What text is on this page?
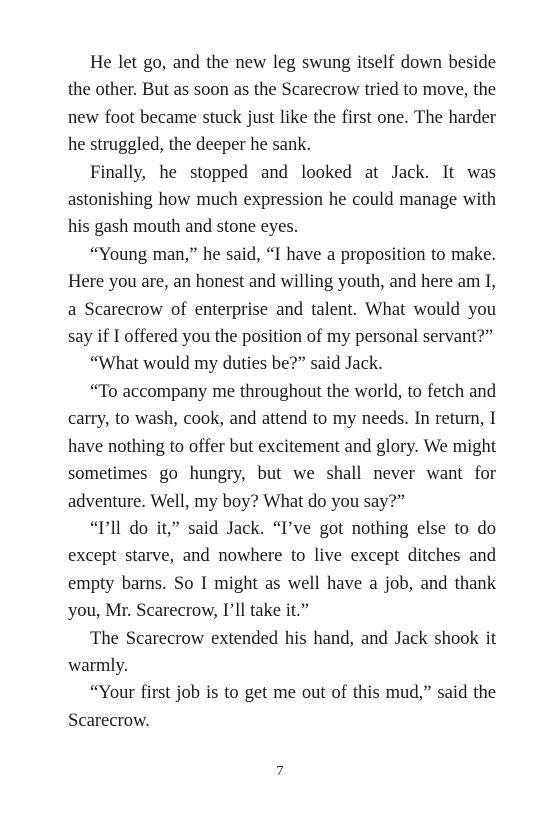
He let go, and the new leg swung itself down beside the other. But as soon as the Scarecrow tried to move, the new foot became stuck just like the first one. The harder he struggled, the deeper he sank.

Finally, he stopped and looked at Jack. It was astonishing how much expression he could manage with his gash mouth and stone eyes.

“Young man,” he said, “I have a proposition to make. Here you are, an honest and willing youth, and here am I, a Scarecrow of enterprise and talent. What would you say if I offered you the position of my personal servant?”

“What would my duties be?” said Jack.

“To accompany me throughout the world, to fetch and carry, to wash, cook, and attend to my needs. In return, I have nothing to offer but excitement and glory. We might sometimes go hungry, but we shall never want for adventure. Well, my boy? What do you say?”

“I’ll do it,” said Jack. “I’ve got nothing else to do except starve, and nowhere to live except ditches and empty barns. So I might as well have a job, and thank you, Mr. Scarecrow, I’ll take it.”

The Scarecrow extended his hand, and Jack shook it warmly.

“Your first job is to get me out of this mud,” said the Scarecrow.

7
